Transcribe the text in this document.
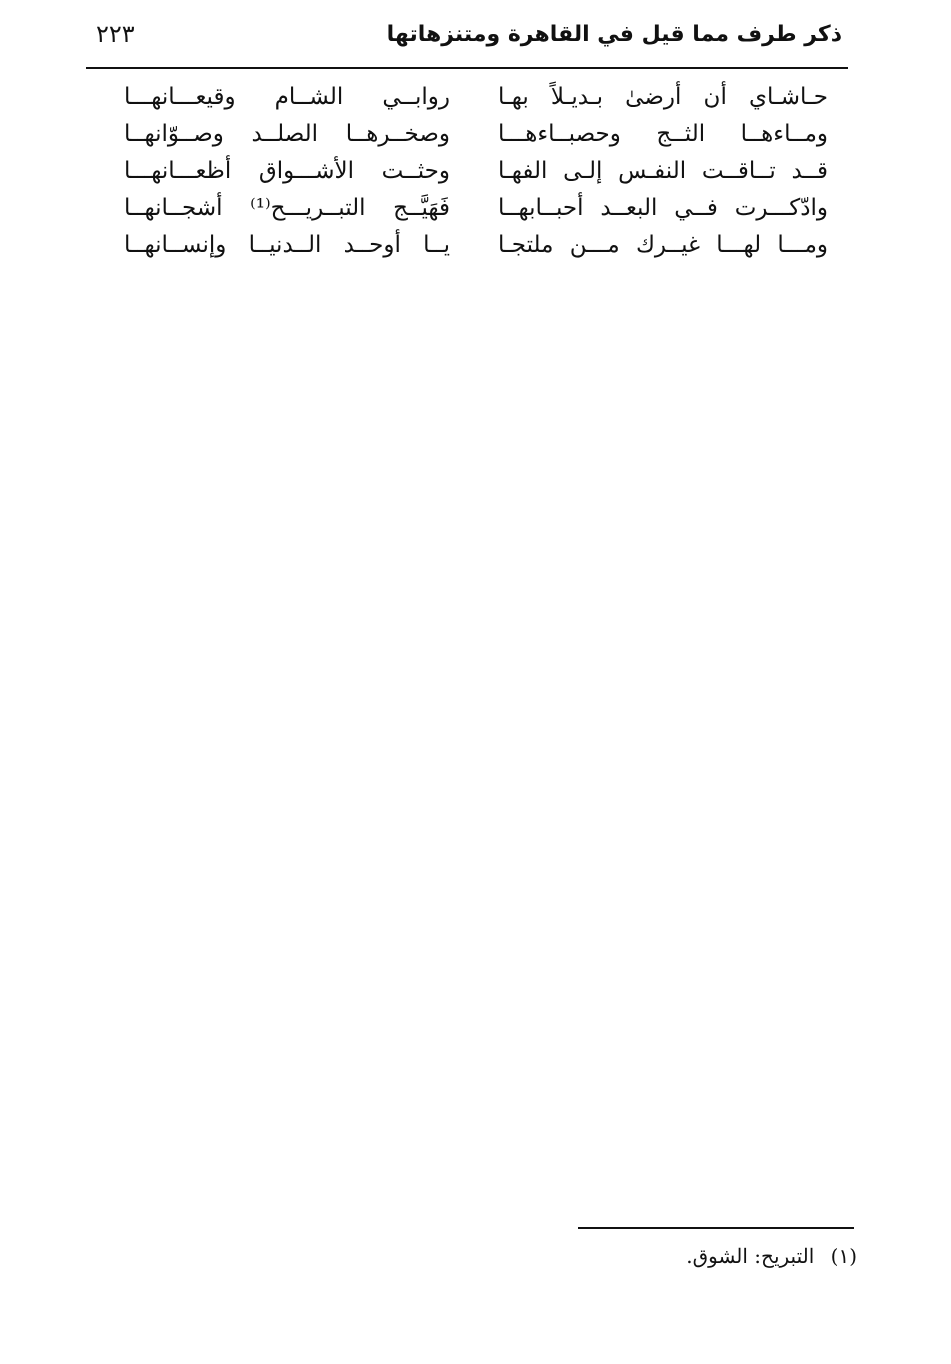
ذكر طرف مما قيل في القاهرة ومتنزهاتها
٢٢٣
حـاشـاي أن أرضىٰ بـديـلاً بهـا
روابــي الشــام وقيعـــانهـــا
ومــاءهــا الثــج وحصبــاءهـــا
وصخــرهــا الصلــد وصــوّانهــا
قــد تــاقــت النفـس إلـى الفهـا
وحثــت الأشـــواق أظعـــانهـــا
وادّكـــرت فــي البعــد أحبــابهــا
فَهَيَّــج التبــريـــح⁽¹⁾ أشجــانهــا
ومـــا لهـــا غيــرك مـــن ملتجـا
يــا أوحــد الــدنيــا وإنســانهــا
(١) التبريح: الشوق.
